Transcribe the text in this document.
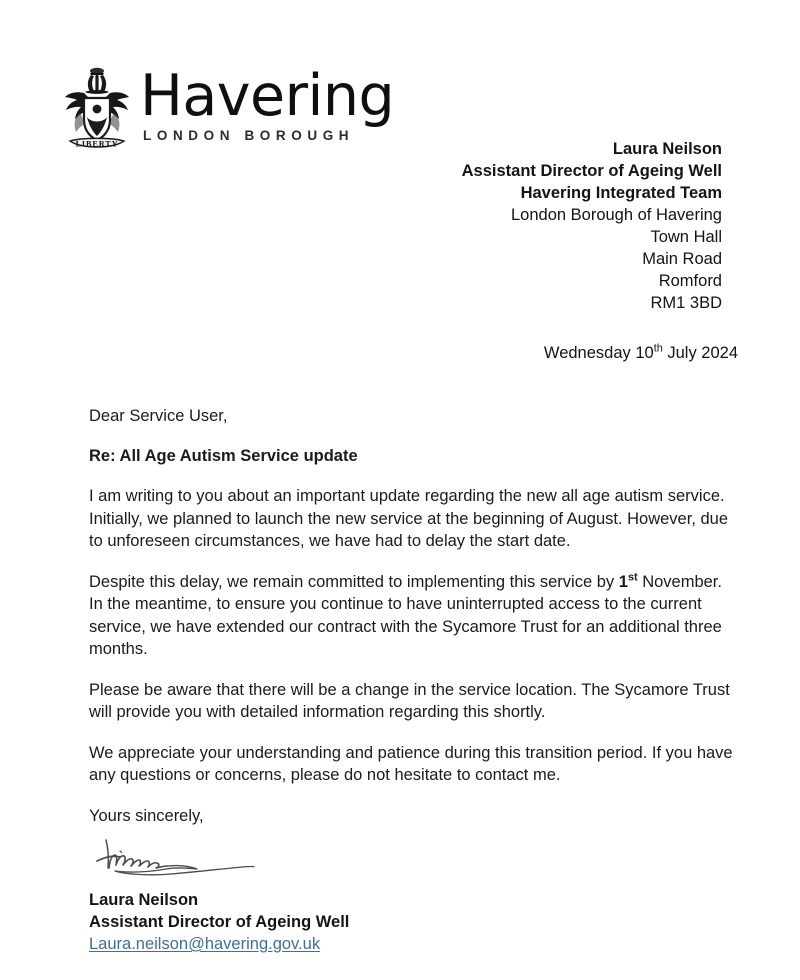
LIBERTY
Havering
LONDON BOROUGH
Laura Neilson
Assistant Director of Ageing Well
Havering Integrated Team
London Borough of Havering
Town Hall
Main Road
Romford
RM1 3BD
Wednesday 10th July 2024

Dear Service User,

Re: All Age Autism Service update

I am writing to you about an important update regarding the new all age autism service. Initially, we planned to launch the new service at the beginning of August. However, due to unforeseen circumstances, we have had to delay the start date.

Despite this delay, we remain committed to implementing this service by 1st November. In the meantime, to ensure you continue to have uninterrupted access to the current service, we have extended our contract with the Sycamore Trust for an additional three months.

Please be aware that there will be a change in the service location. The Sycamore Trust will provide you with detailed information regarding this shortly.

We appreciate your understanding and patience during this transition period. If you have any questions or concerns, please do not hesitate to contact me.

Yours sincerely,

Laura Neilson
Assistant Director of Ageing Well
Laura.neilson@havering.gov.uk
